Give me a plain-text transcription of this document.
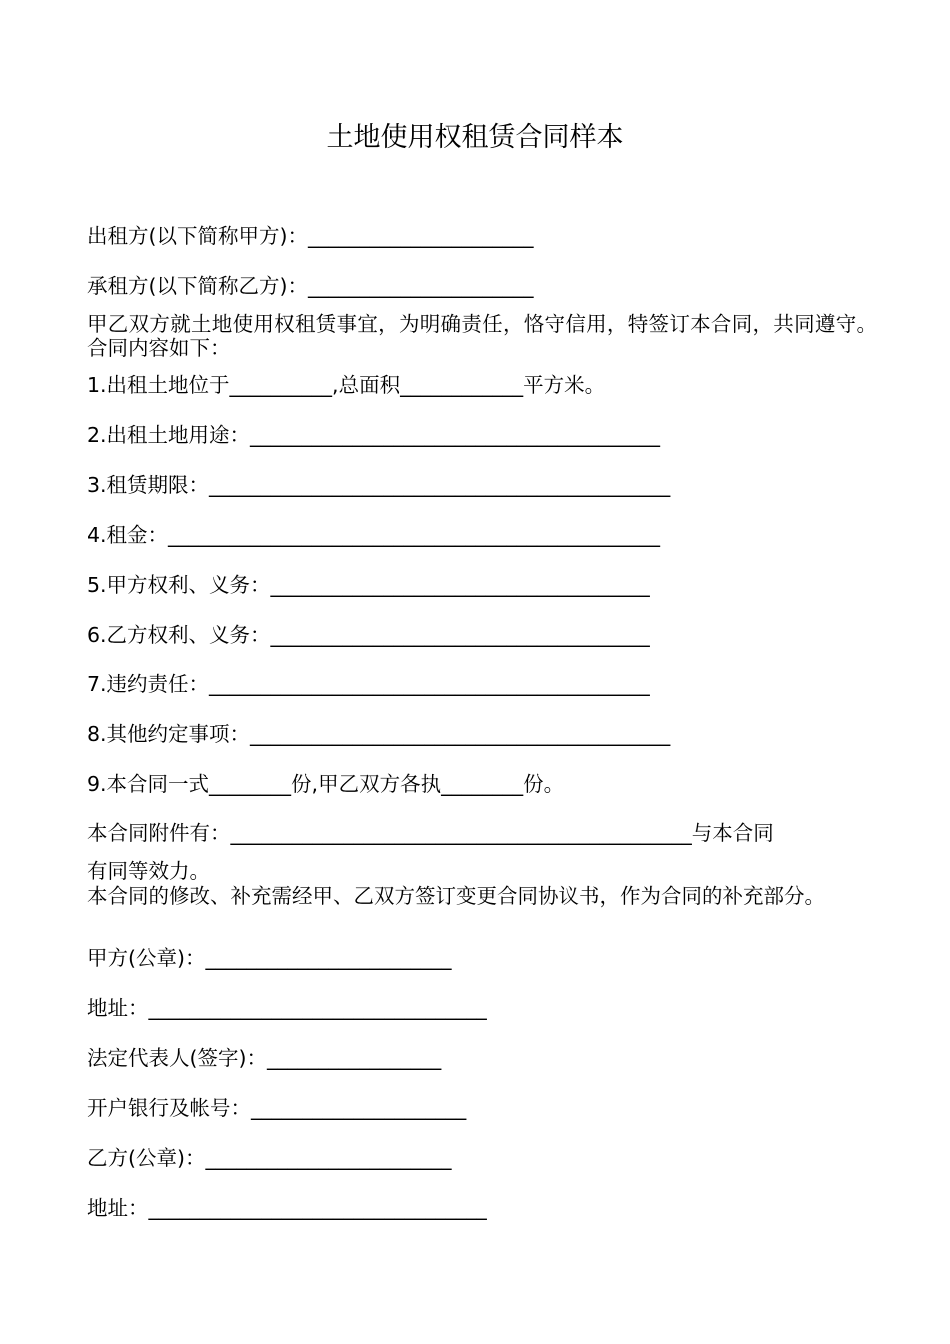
土地使用权租赁合同样本
出租方(以下简称甲方)：______________________
承租方(以下简称乙方)：______________________
甲乙双方就土地使用权租赁事宜，为明确责任，恪守信用，特签订本合同，共同遵守。合同内容如下：
1.出租土地位于__________,总面积____________平方米。
2.出租土地用途：________________________________________
3.租赁期限：_____________________________________________
4.租金：________________________________________________
5.甲方权利、义务：_____________________________________
6.乙方权利、义务：_____________________________________
7.违约责任：___________________________________________
8.其他约定事项：_________________________________________
9.本合同一式________份,甲乙双方各执________份。
本合同附件有：_____________________________________________与本合同
有同等效力。
本合同的修改、补充需经甲、乙双方签订变更合同协议书，作为合同的补充部分。
甲方(公章)：________________________
地址：_________________________________
法定代表人(签字)：_________________
开户银行及帐号：_____________________
乙方(公章)：________________________
地址：_________________________________
